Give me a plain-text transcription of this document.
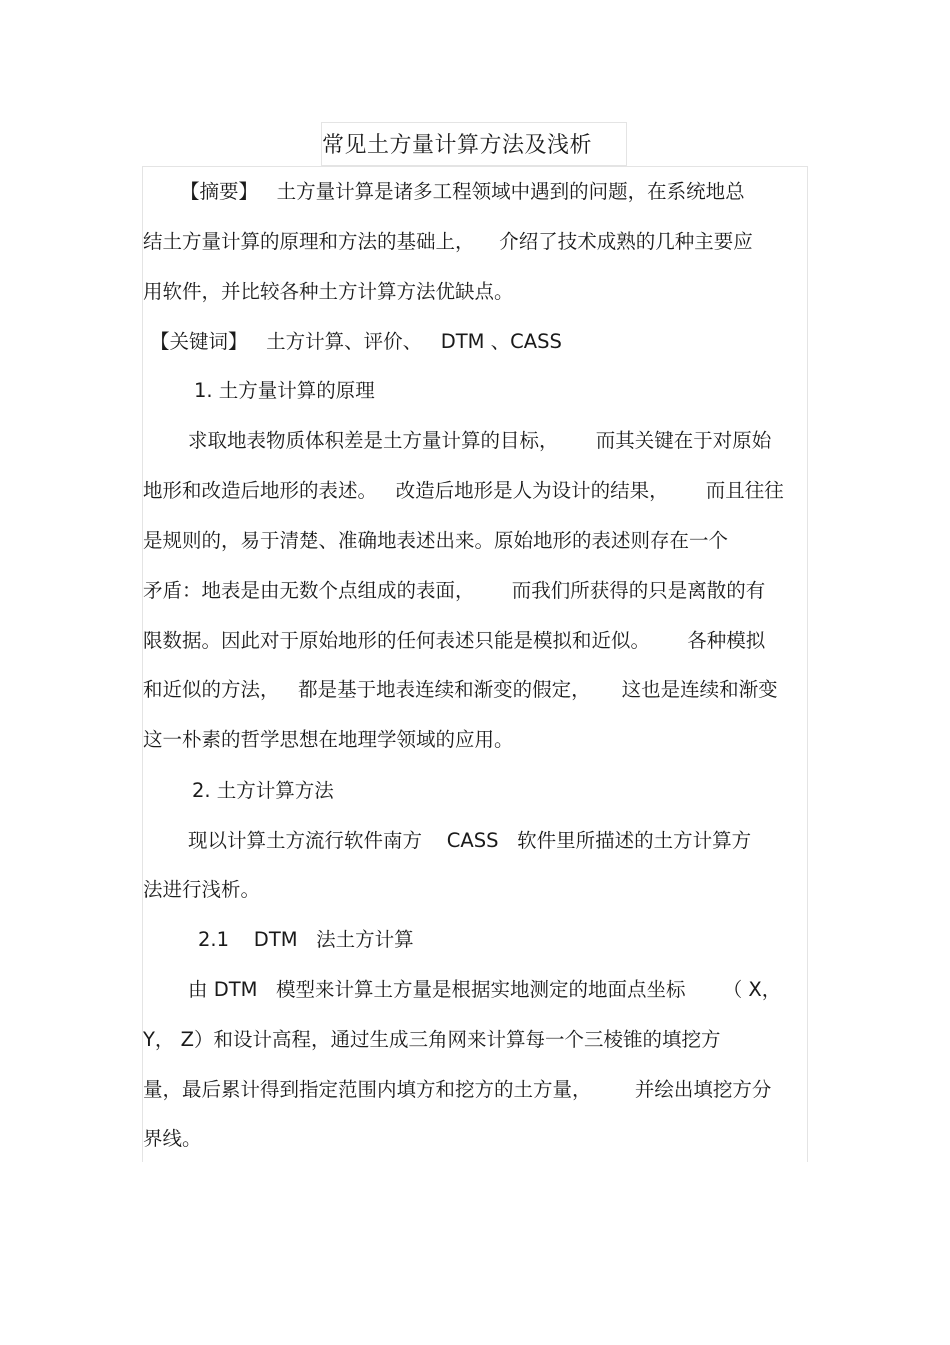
常见土方量计算方法及浅析
【摘要】   土方量计算是诸多工程领域中遇到的问题，在系统地总
结土方量计算的原理和方法的基础上，    介绍了技术成熟的几种主要应
用软件，并比较各种土方计算方法优缺点。
【关键词】   土方计算、评价、   DTM 、CASS
1. 土方量计算的原理
求取地表物质体积差是土方量计算的目标，      而其关键在于对原始
地形和改造后地形的表述。   改造后地形是人为设计的结果，      而且往往
是规则的，易于清楚、准确地表述出来。原始地形的表述则存在一个
矛盾：地表是由无数个点组成的表面，      而我们所获得的只是离散的有
限数据。因此对于原始地形的任何表述只能是模拟和近似。      各种模拟
和近似的方法，   都是基于地表连续和渐变的假定，     这也是连续和渐变
这一朴素的哲学思想在地理学领域的应用。
2. 土方计算方法
现以计算土方流行软件南方    CASS   软件里所描述的土方计算方
法进行浅析。
2.1    DTM   法土方计算
由 DTM   模型来计算土方量是根据实地测定的地面点坐标      （ X，
Y， Z）和设计高程，通过生成三角网来计算每一个三棱锥的填挖方
量，最后累计得到指定范围内填方和挖方的土方量，       并绘出填挖方分
界线。
